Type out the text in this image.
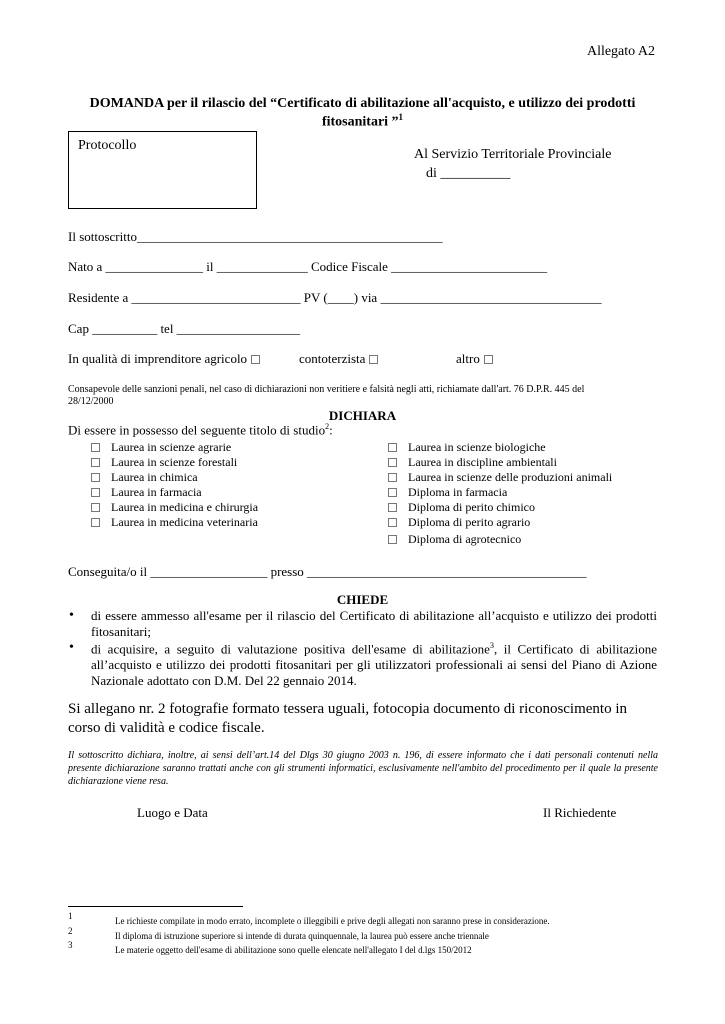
Allegato A2
DOMANDA per il rilascio del “Certificato di abilitazione all'acquisto, e utilizzo dei prodotti
fitosanitari ”$^1$
Protocollo
Al Servizio Territoriale Provinciale
di __________
Il sottoscritto_______________________________________________
Nato a _______________ il ______________ Codice Fiscale ________________________
Residente a __________________________ PV (____) via __________________________________
Cap __________ tel ___________________
In qualità di imprenditore agricolo	contoterzista	altro
Consapevole delle sanzioni penali, nel caso di dichiarazioni non veritiere e falsità negli atti, richiamate dall'art. 76 D.P.R. 445 del
28/12/2000
DICHIARA
Di essere in possesso del seguente titolo di studio$^2$:
Laurea in scienze agrarie
Laurea in scienze forestali
Laurea in chimica
Laurea in farmacia
Laurea in medicina e chirurgia
Laurea in medicina veterinaria
Laurea in scienze biologiche
Laurea in discipline ambientali
Laurea in scienze delle produzioni animali
Diploma in farmacia
Diploma di perito chimico
Diploma di perito agrario
Diploma di agrotecnico
Conseguita/o il __________________ presso ___________________________________________
CHIEDE
• di essere ammesso all'esame per il rilascio del Certificato di abilitazione all’acquisto e utilizzo dei prodotti fitosanitari;
• di acquisire, a seguito di valutazione positiva dell'esame di abilitazione$^3$, il Certificato di abilitazione all’acquisto e utilizzo dei prodotti fitosanitari per gli utilizzatori professionali ai sensi del Piano di Azione Nazionale adottato con D.M. Del 22 gennaio 2014.
Si allegano nr. 2 fotografie formato tessera uguali, fotocopia documento di riconoscimento in corso di validità e codice fiscale.
Il sottoscritto dichiara, inoltre, ai sensi dell’art.14 del Dlgs 30 giugno 2003 n. 196, di essere informato che i dati personali contenuti nella presente dichiarazione saranno trattati anche con gli strumenti informatici, esclusivamente nell'ambito del procedimento per il quale la presente dichiarazione viene resa.
Luogo e Data	Il Richiedente
1	Le richieste compilate in modo errato, incomplete o illeggibili e prive degli allegati non saranno prese in considerazione.
2	Il diploma di istruzione superiore si intende di durata quinquennale, la laurea può essere anche triennale
3	Le materie oggetto dell'esame di abilitazione sono quelle elencate nell'allegato I del d.lgs 150/2012
